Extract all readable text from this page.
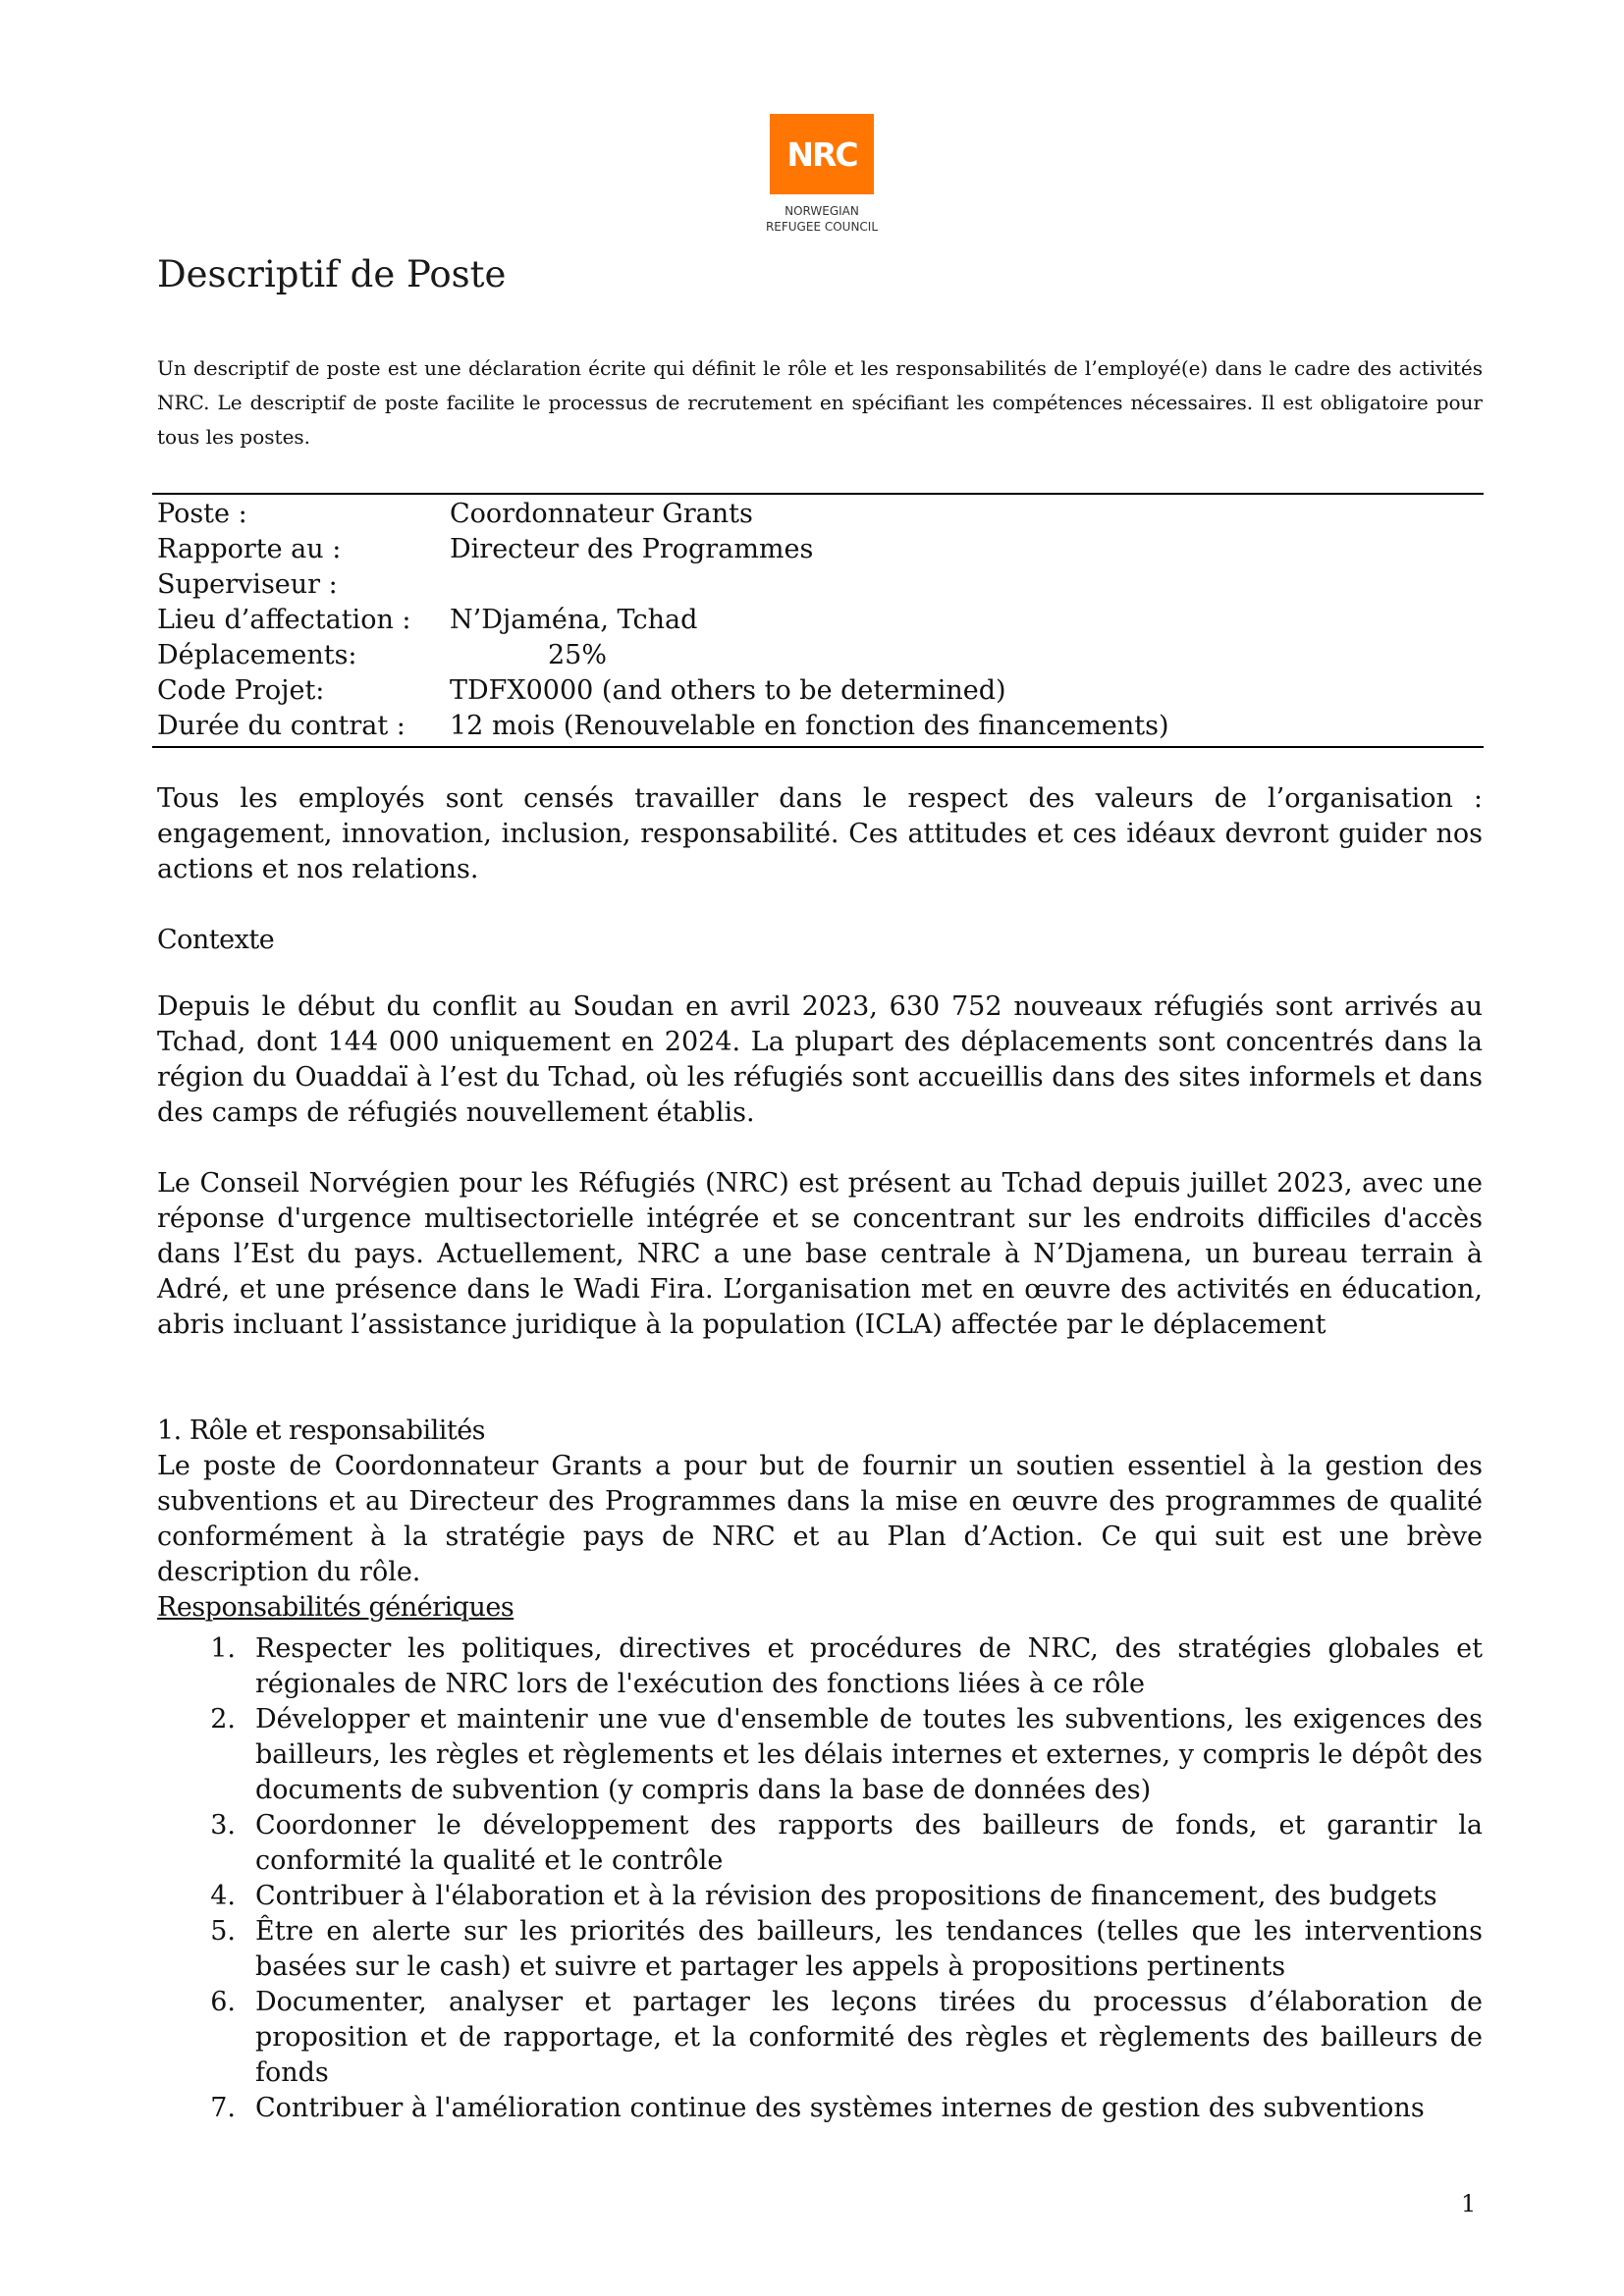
NRC
NORWEGIAN
REFUGEE COUNCIL
Descriptif de Poste

Un descriptif de poste est une déclaration écrite qui définit le rôle et les responsabilités de l’employé(e) dans le cadre des activités NRC. Le descriptif de poste facilite le processus de recrutement en spécifiant les compétences nécessaires. Il est obligatoire pour tous les postes.

Poste :	Coordonnateur Grants
Rapporte au :	Directeur des Programmes
Superviseur :
Lieu d’affectation :	N’Djaména, Tchad
Déplacements:	25%
Code Projet:	TDFX0000 (and others to be determined)
Durée du contrat :	12 mois (Renouvelable en fonction des financements)

Tous les employés sont censés travailler dans le respect des valeurs de l’organisation : engagement, innovation, inclusion, responsabilité. Ces attitudes et ces idéaux devront guider nos actions et nos relations.

Contexte

Depuis le début du conflit au Soudan en avril 2023, 630 752 nouveaux réfugiés sont arrivés au Tchad, dont 144 000 uniquement en 2024. La plupart des déplacements sont concentrés dans la région du Ouaddaï à l’est du Tchad, où les réfugiés sont accueillis dans des sites informels et dans des camps de réfugiés nouvellement établis.

Le Conseil Norvégien pour les Réfugiés (NRC) est présent au Tchad depuis juillet 2023, avec une réponse d'urgence multisectorielle intégrée et se concentrant sur les endroits difficiles d'accès dans l’Est du pays. Actuellement, NRC a une base centrale à N’Djamena, un bureau terrain à Adré, et une présence dans le Wadi Fira. L’organisation met en œuvre des activités en éducation, abris incluant l’assistance juridique à la population (ICLA) affectée par le déplacement

1. Rôle et responsabilités

Le poste de Coordonnateur Grants a pour but de fournir un soutien essentiel à la gestion des subventions et au Directeur des Programmes dans la mise en œuvre des programmes de qualité conformément à la stratégie pays de NRC et au Plan d’Action. Ce qui suit est une brève description du rôle.

Responsabilités génériques
1. Respecter les politiques, directives et procédures de NRC, des stratégies globales et régionales de NRC lors de l'exécution des fonctions liées à ce rôle
2. Développer et maintenir une vue d'ensemble de toutes les subventions, les exigences des bailleurs, les règles et règlements et les délais internes et externes, y compris le dépôt des documents de subvention (y compris dans la base de données des)
3. Coordonner le développement des rapports des bailleurs de fonds, et garantir la conformité la qualité et le contrôle
4. Contribuer à l'élaboration et à la révision des propositions de financement, des budgets
5. Être en alerte sur les priorités des bailleurs, les tendances (telles que les interventions basées sur le cash) et suivre et partager les appels à propositions pertinents
6. Documenter, analyser et partager les leçons tirées du processus d’élaboration de proposition et de rapportage, et la conformité des règles et règlements des bailleurs de fonds
7. Contribuer à l'amélioration continue des systèmes internes de gestion des subventions
1
